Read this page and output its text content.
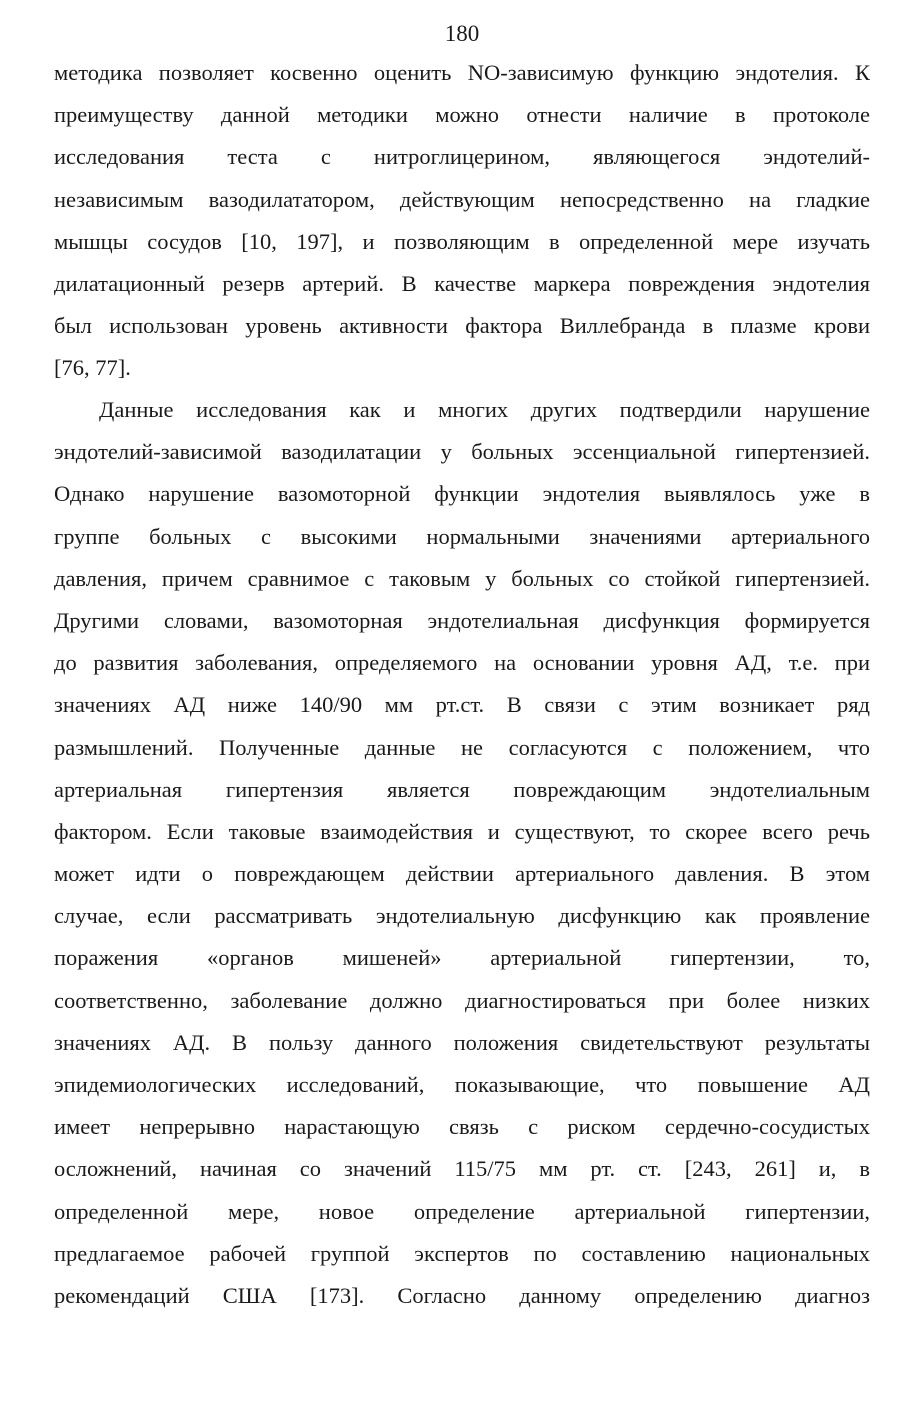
180
методика позволяет косвенно оценить NO-зависимую функцию эндотелия. К
преимуществу данной методики можно отнести наличие в протоколе
исследования теста с нитроглицерином, являющегося эндотелий-
независимым вазодилататором, действующим непосредственно на гладкие
мышцы сосудов [10, 197], и позволяющим в определенной мере изучать
дилатационный резерв артерий. В качестве маркера повреждения эндотелия
был использован уровень активности фактора Виллебранда в плазме крови
[76, 77].
Данные исследования как и многих других подтвердили нарушение
эндотелий-зависимой вазодилатации у больных эссенциальной гипертензией.
Однако нарушение вазомоторной функции эндотелия выявлялось уже в
группе больных с высокими нормальными значениями артериального
давления, причем сравнимое с таковым у больных со стойкой гипертензией.
Другими словами, вазомоторная эндотелиальная дисфункция формируется
до развития заболевания, определяемого на основании уровня АД, т.е. при
значениях АД ниже 140/90 мм рт.ст. В связи с этим возникает ряд
размышлений. Полученные данные не согласуются с положением, что
артериальная гипертензия является повреждающим эндотелиальным
фактором. Если таковые взаимодействия и существуют, то скорее всего речь
может идти о повреждающем действии артериального давления. В этом
случае, если рассматривать эндотелиальную дисфункцию как проявление
поражения «органов мишеней» артериальной гипертензии, то,
соответственно, заболевание должно диагностироваться при более низких
значениях АД. В пользу данного положения свидетельствуют результаты
эпидемиологических исследований, показывающие, что повышение АД
имеет непрерывно нарастающую связь с риском сердечно-сосудистых
осложнений, начиная со значений 115/75 мм рт. ст. [243, 261] и, в
определенной мере, новое определение артериальной гипертензии,
предлагаемое рабочей группой экспертов по составлению национальных
рекомендаций США [173]. Согласно данному определению диагноз
